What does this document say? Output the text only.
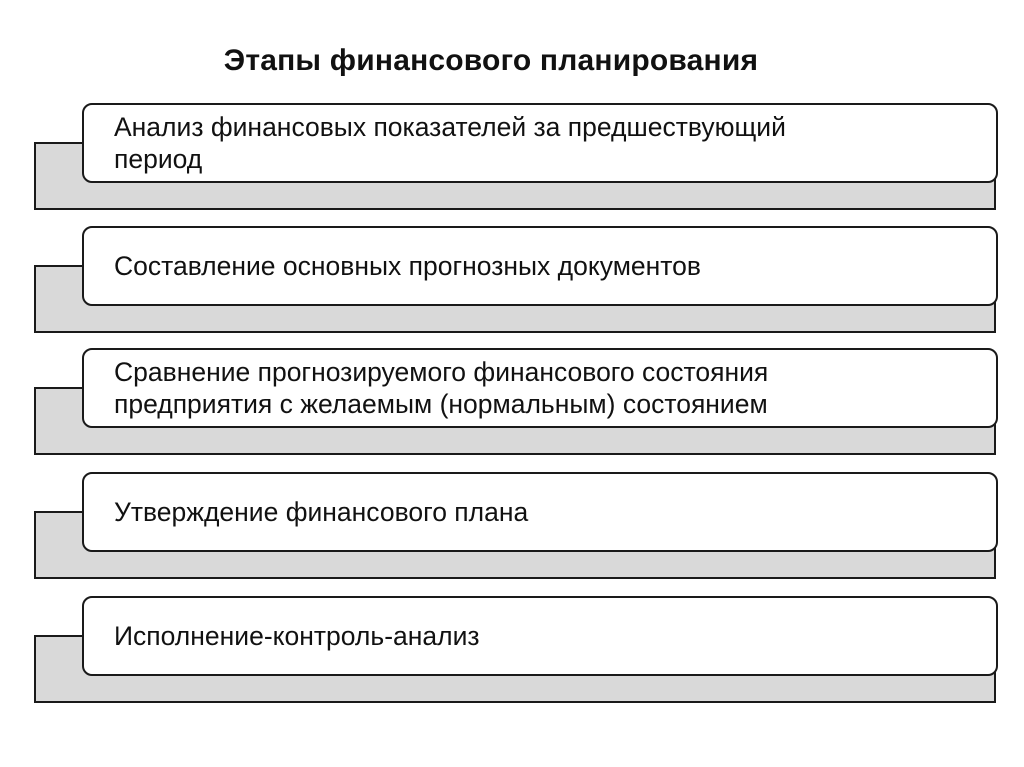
Этапы финансового планирования
Анализ финансовых показателей за предшествующий
период
Составление основных прогнозных документов
Сравнение прогнозируемого финансового состояния
предприятия с желаемым (нормальным) состоянием
Утверждение финансового плана
Исполнение-контроль-анализ
